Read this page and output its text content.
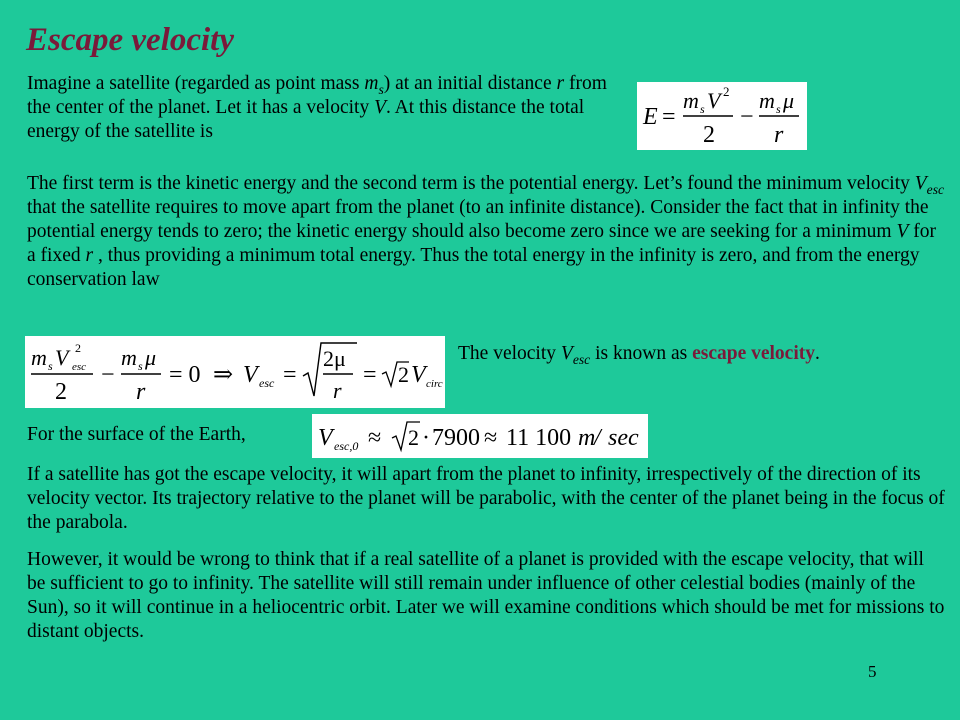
Escape velocity
Imagine a satellite (regarded as point mass $m_s$) at an initial distance r from the center of the planet. Let it has a velocity V. At this distance the total energy of the satellite is
E =
m s V 2
2
−
m s μ
r
The first term is the kinetic energy and the second term is the potential energy. Let’s found the minimum velocity $V_{esc}$ that the satellite requires to move apart from the planet (to an infinite distance). Consider the fact that in infinity the potential energy tends to zero; the kinetic energy should also become zero since we are seeking for a minimum V for a fixed r , thus providing a minimum total energy. Thus the total energy in the infinity is zero, and from the energy conservation law
m s V esc
2
2
−
m s μ
r
= 0 ⇒ V esc =
2μ
r
= 2 V circ
The velocity $V_{esc}$ is known as escape velocity.
For the surface of the Earth,	V esc,0 ≈ 2 · 7900 ≈ 11 100 m
/ sec
If a satellite has got the escape velocity, it will apart from the planet to infinity, irrespectively of the direction of its velocity vector. Its trajectory relative to the planet will be parabolic, with the center of the planet being in the focus of the parabola.
However, it would be wrong to think that if a real satellite of a planet is provided with the escape velocity, that will be sufficient to go to infinity. The satellite will still remain under influence of other celestial bodies (mainly of the Sun), so it will continue in a heliocentric orbit. Later we will examine conditions which should be met for missions to distant objects.
5
